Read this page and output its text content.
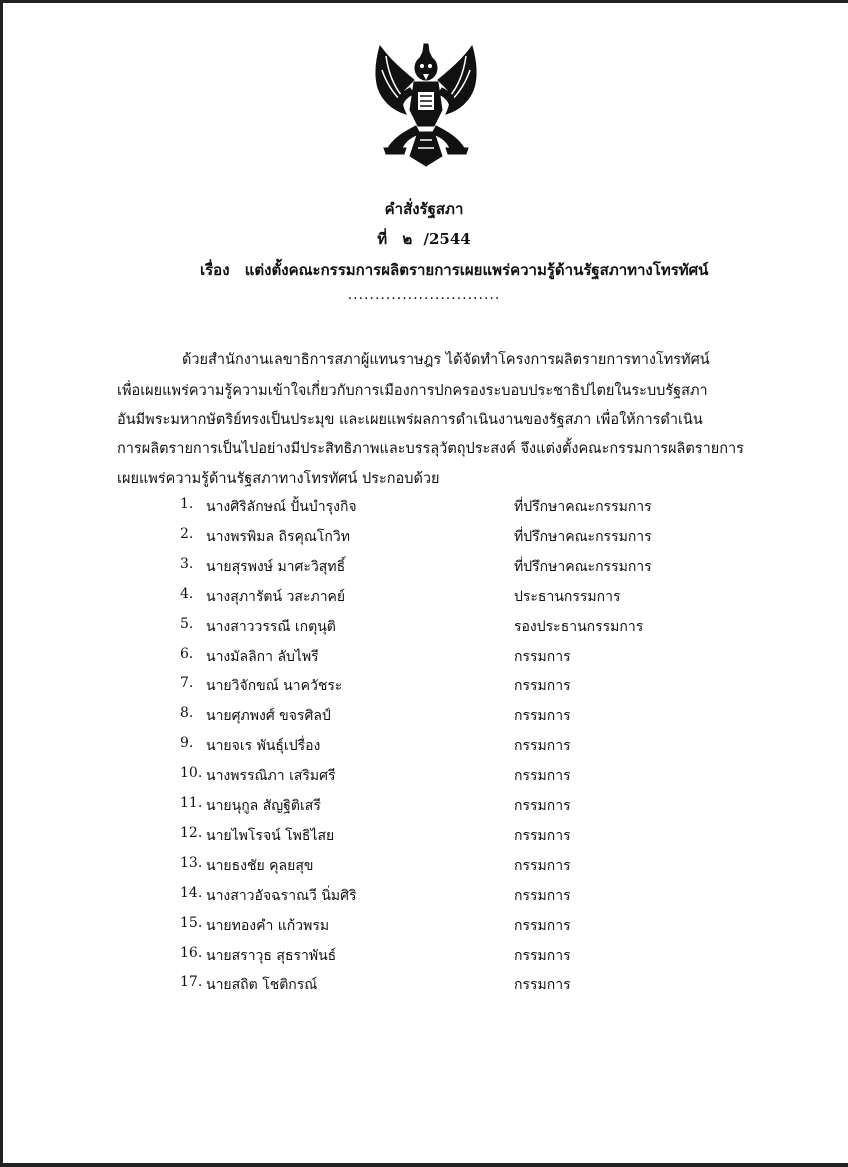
คำสั่งรัฐสภา
ที่ ๒ /2544
เรื่อง แต่งตั้งคณะกรรมการผลิตรายการเผยแพร่ความรู้ด้านรัฐสภาทางโทรทัศน์
............................
ด้วยสำนักงานเลขาธิการสภาผู้แทนราษฎร ได้จัดทำโครงการผลิตรายการทางโทรทัศน์
เพื่อเผยแพร่ความรู้ความเข้าใจเกี่ยวกับการเมืองการปกครองระบอบประชาธิปไตยในระบบรัฐสภา
อันมีพระมหากษัตริย์ทรงเป็นประมุข และเผยแพร่ผลการดำเนินงานของรัฐสภา เพื่อให้การดำเนิน
การผลิตรายการเป็นไปอย่างมีประสิทธิภาพและบรรลุวัตถุประสงค์ จึงแต่งตั้งคณะกรรมการผลิตรายการ
เผยแพร่ความรู้ด้านรัฐสภาทางโทรทัศน์ ประกอบด้วย
1. นางศิริลักษณ์ ปั้นบำรุงกิจ	ที่ปรึกษาคณะกรรมการ
2. นางพรพิมล ถิรคุณโกวิท	ที่ปรึกษาคณะกรรมการ
3. นายสุรพงษ์ มาศะวิสุทธิ์	ที่ปรึกษาคณะกรรมการ
4. นางสุภารัตน์ วสะภาคย์	ประธานกรรมการ
5. นางสาววรรณี เกตุนุติ	รองประธานกรรมการ
6. นางมัลลิกา ลับไพรี	กรรมการ
7. นายวิจักขณ์ นาควัชระ	กรรมการ
8. นายศุภพงศ์ ขจรศิลป์	กรรมการ
9. นายจเร พันธุ์เปรื่อง	กรรมการ
10. นางพรรณิภา เสริมศรี	กรรมการ
11. นายนุกูล สัญฐิติเสรี	กรรมการ
12. นายไพโรจน์ โพธิไสย	กรรมการ
13. นายธงชัย คุลยสุข	กรรมการ
14. นางสาวอัจฉราณวี นิ่มศิริ	กรรมการ
15. นายทองคำ แก้วพรม	กรรมการ
16. นายสราวุธ สุธราพันธ์	กรรมการ
17. นายสถิต โชติกรณ์	กรรมการ
